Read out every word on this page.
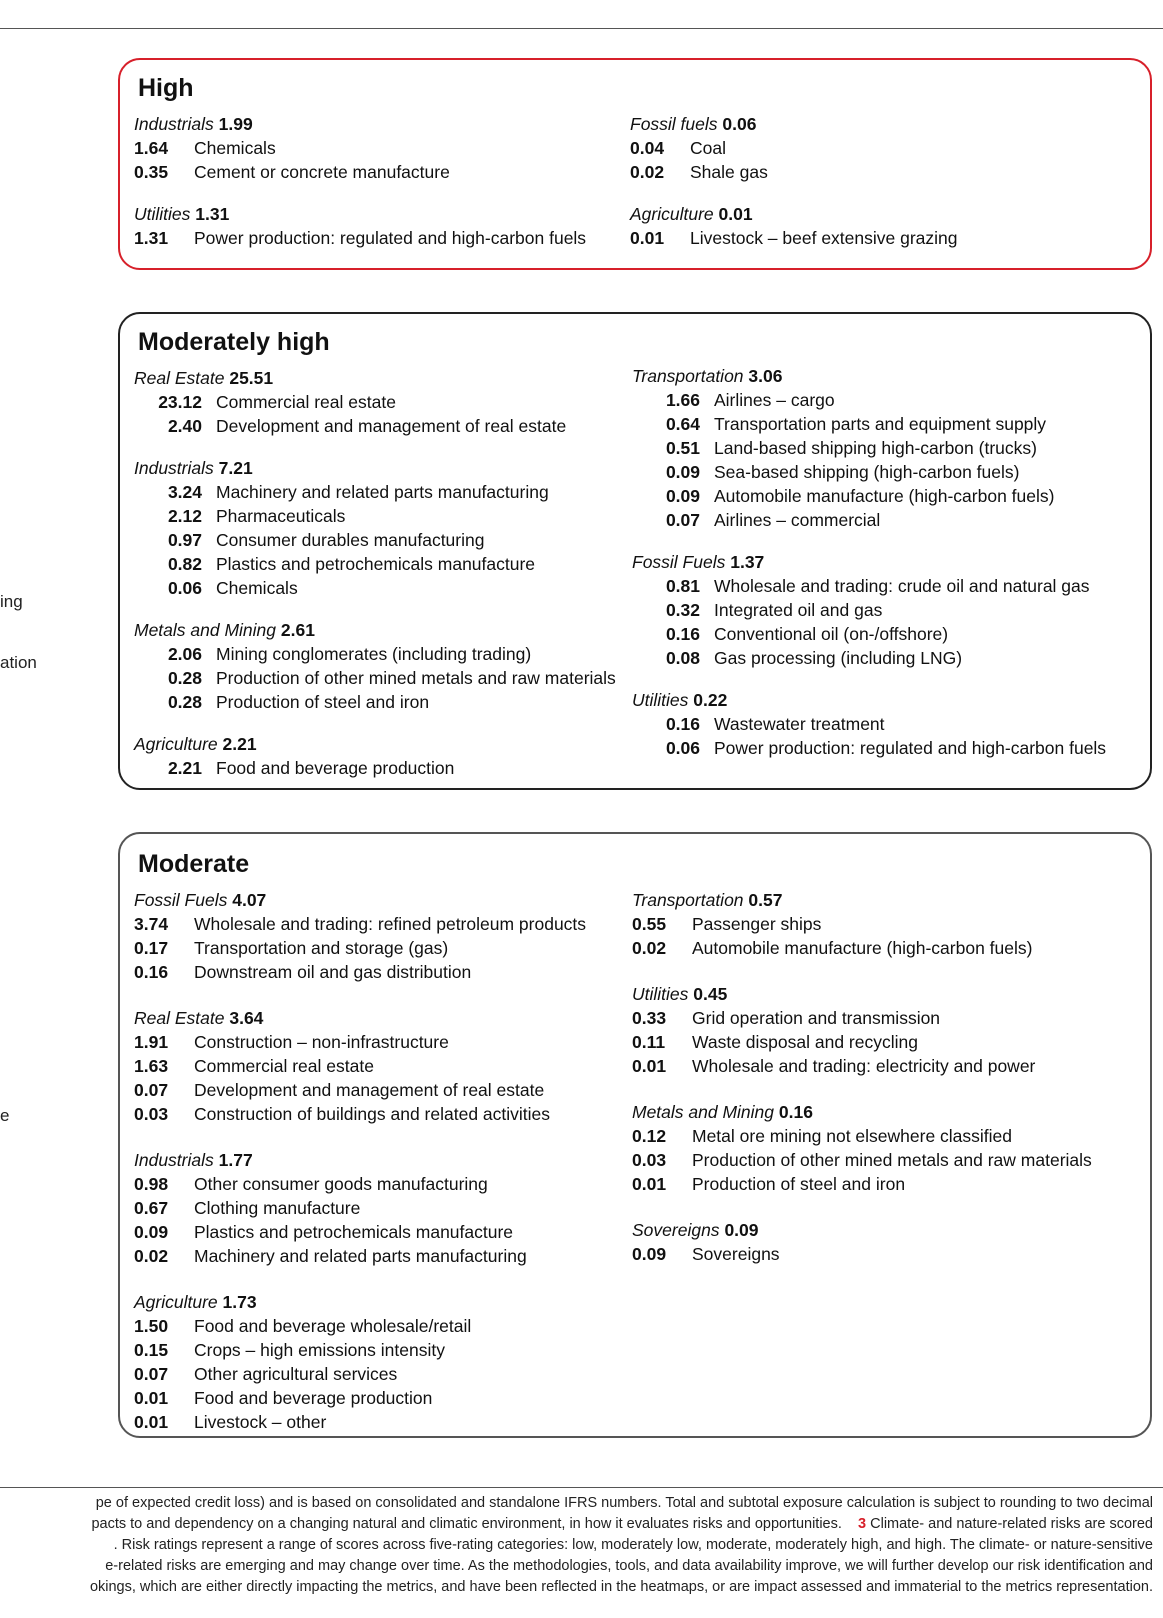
ing
ation
e
High
Industrials 1.99
1.64	Chemicals
0.35	Cement or concrete manufacture
Utilities 1.31
1.31	Power production: regulated and high-carbon fuels
Fossil fuels 0.06
0.04	Coal
0.02	Shale gas
Agriculture 0.01
0.01	Livestock – beef extensive grazing
Moderately high
Real Estate 25.51
23.12 Commercial real estate
2.40 Development and management of real estate
Industrials 7.21
3.24 Machinery and related parts manufacturing
2.12 Pharmaceuticals
0.97 Consumer durables manufacturing
0.82 Plastics and petrochemicals manufacture
0.06 Chemicals
Metals and Mining 2.61
2.06 Mining conglomerates (including trading)
0.28 Production of other mined metals and raw materials
0.28 Production of steel and iron
Agriculture 2.21
2.21 Food and beverage production
Transportation 3.06
1.66 Airlines – cargo
0.64 Transportation parts and equipment supply
0.51 Land-based shipping high-carbon (trucks)
0.09 Sea-based shipping (high-carbon fuels)
0.09 Automobile manufacture (high-carbon fuels)
0.07 Airlines – commercial
Fossil Fuels 1.37
0.81 Wholesale and trading: crude oil and natural gas
0.32 Integrated oil and gas
0.16 Conventional oil (on-/offshore)
0.08 Gas processing (including LNG)
Utilities 0.22
0.16 Wastewater treatment
0.06 Power production: regulated and high-carbon fuels
Moderate
Fossil Fuels 4.07
3.74	Wholesale and trading: refined petroleum products
0.17	Transportation and storage (gas)
0.16	Downstream oil and gas distribution
Real Estate 3.64
1.91	Construction – non-infrastructure
1.63	Commercial real estate
0.07	Development and management of real estate
0.03	Construction of buildings and related activities
Industrials 1.77
0.98	Other consumer goods manufacturing
0.67	Clothing manufacture
0.09	Plastics and petrochemicals manufacture
0.02	Machinery and related parts manufacturing
Agriculture 1.73
1.50	Food and beverage wholesale/retail
0.15	Crops – high emissions intensity
0.07	Other agricultural services
0.01	Food and beverage production
0.01	Livestock – other
Transportation 0.57
0.55	Passenger ships
0.02	Automobile manufacture (high-carbon fuels)
Utilities 0.45
0.33	Grid operation and transmission
0.11	Waste disposal and recycling
0.01	Wholesale and trading: electricity and power
Metals and Mining 0.16
0.12	Metal ore mining not elsewhere classified
0.03	Production of other mined metals and raw materials
0.01	Production of steel and iron
Sovereigns 0.09
0.09	Sovereigns
pe of expected credit loss) and is based on consolidated and standalone IFRS numbers. Total and subtotal exposure calculation is subject to rounding to two decimal
pacts to and dependency on a changing natural and climatic environment, in how it evaluates risks and opportunities. 3 Climate- and nature-related risks are scored
. Risk ratings represent a range of scores across five-rating categories: low, moderately low, moderate, moderately high, and high. The climate- or nature-sensitive
e-related risks are emerging and may change over time. As the methodologies, tools, and data availability improve, we will further develop our risk identification and
okings, which are either directly impacting the metrics, and have been reflected in the heatmaps, or are impact assessed and immaterial to the metrics representation.
